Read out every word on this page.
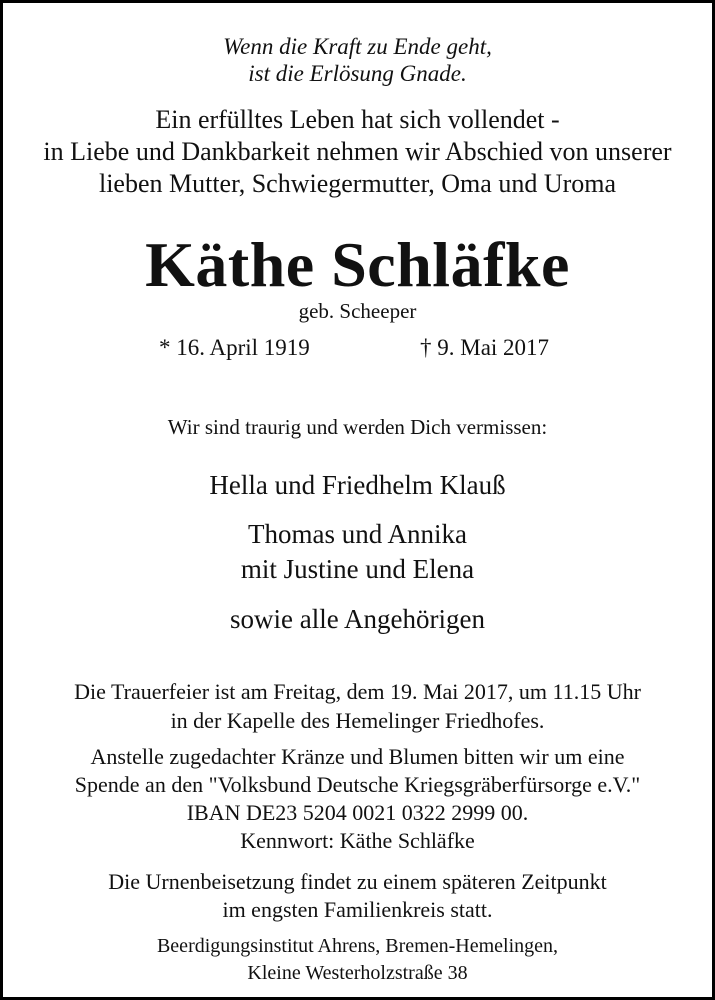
Wenn die Kraft zu Ende geht,
ist die Erlösung Gnade.
Ein erfülltes Leben hat sich vollendet -
in Liebe und Dankbarkeit nehmen wir Abschied von unserer
lieben Mutter, Schwiegermutter, Oma und Uroma
Käthe Schläfke
geb. Scheeper
* 16. April 1919	† 9. Mai 2017
Wir sind traurig und werden Dich vermissen:
Hella und Friedhelm Klauß
Thomas und Annika
mit Justine und Elena
sowie alle Angehörigen
Die Trauerfeier ist am Freitag, dem 19. Mai 2017, um 11.15 Uhr
in der Kapelle des Hemelinger Friedhofes.
Anstelle zugedachter Kränze und Blumen bitten wir um eine
Spende an den "Volksbund Deutsche Kriegsgräberfürsorge e.V."
IBAN DE23 5204 0021 0322 2999 00.
Kennwort: Käthe Schläfke
Die Urnenbeisetzung findet zu einem späteren Zeitpunkt
im engsten Familienkreis statt.
Beerdigungsinstitut Ahrens, Bremen-Hemelingen,
Kleine Westerholzstraße 38
